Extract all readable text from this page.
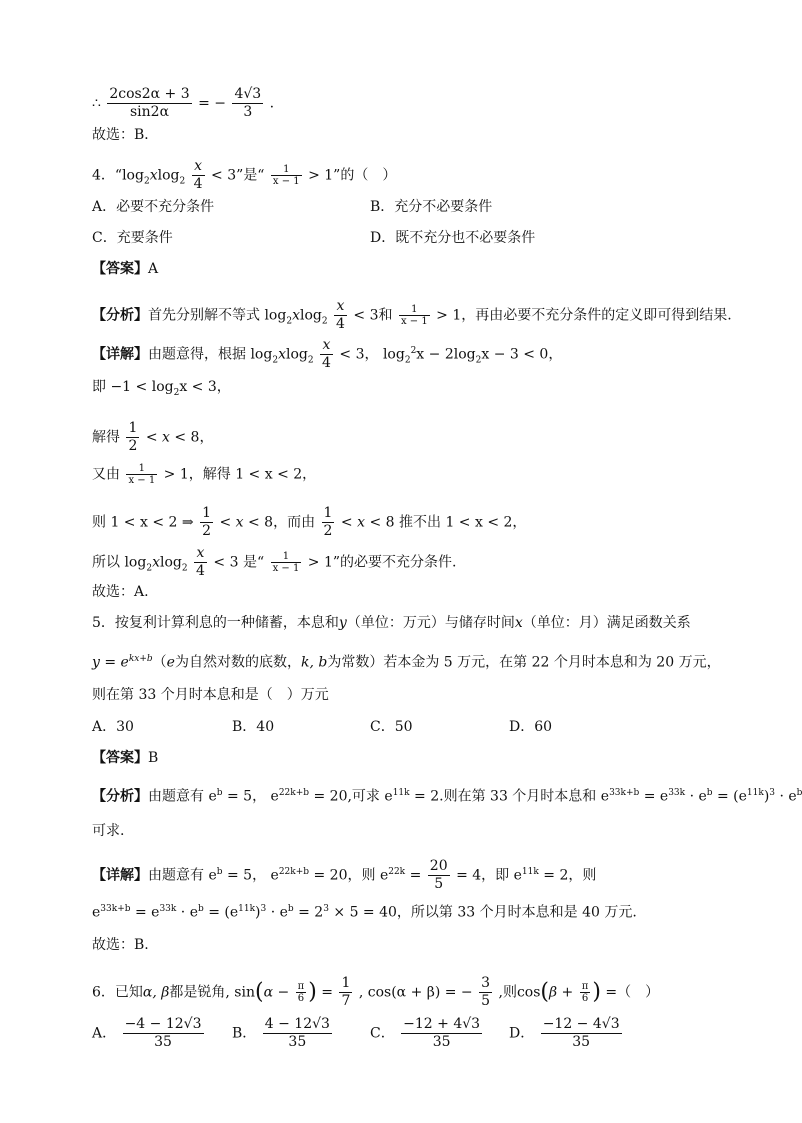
∴ $\frac{2\cos 2\alpha + 3}{\sin 2\alpha}$ = − $\frac{4√3}{3}$ .
故选：B．
4．“$\log_2xlog_2 \frac{x}{4} < 3$”是“ $\frac{1}{x - 1} > 1$”的（　）
A．必要不充分条件	B．充分不必要条件
C．充要条件	D．既不充分也不必要条件
【答案】A
【分析】首先分别解不等式 $\log_2xlog_2 \frac{x}{4} < 3$和 $\frac{1}{x - 1} > 1$，再由必要不充分条件的定义即可得到结果.
【详解】由题意得，根据 $\log_2xlog_2 \frac{x}{4} < 3$， $\log_2^2x - 2\log_2x - 3 < 0$，
即 $-1 < \log_2x < 3$，
解得 $\frac{1}{2} < x < 8$，
又由 $\frac{1}{x - 1} > 1$，解得 1 < x < 2，
则 1 < x < 2 ⇒ $\frac{1}{2} < x < 8$，而由 $\frac{1}{2} < x < 8$ 推不出 1 < x < 2，
所以 $\log_2xlog_2 \frac{x}{4} < 3$ 是“ $\frac{1}{x - 1} > 1$”的必要不充分条件.
故选：A.
5．按复利计算利息的一种储蓄，本息和y（单位：万元）与储存时间x（单位：月）满足函数关系
$y = e^{kx+b}(e$为自然对数的底数，k, b为常数）若本金为 5 万元，在第 22 个月时本息和为 20 万元，
则在第 33 个月时本息和是（　）万元
A．30	B．40	C．50	D．60
【答案】B
【分析】由题意有 $e^b = 5$， $e^{22k+b} = 20$,可求 $e^{11k} = 2$.则在第 33 个月时本息和 $e^{33k+b} = e^{33k} \cdot e^b = (e^{11k})^3 \cdot e^b$
可求.
【详解】由题意有 $e^b = 5$， $e^{22k+b} = 20$，则 $e^{22k} = \frac{20}{5} = 4$，即 $e^{11k} = 2$，则
$e^{33k+b} = e^{33k} \cdot e^b = (e^{11k})^3 \cdot e^b = 2^3 \times 5 = 40$，所以第 33 个月时本息和是 40 万元.
故选：B.
6．已知α, β都是锐角, $\sin(\alpha - \frac{\pi}{6}$ ) = $\frac{1}{7}$ , cos(α + β) = − $\frac{3}{5}$ ,则$\cos(\beta + \frac{\pi}{6}$ ) =（　）
A． $\frac{-4 - 12√3}{35}$ B． $\frac{4 - 12√3}{35}$	C． $\frac{-12 + 4√3}{35}$ D． $\frac{-12 - 4√3}{35}$
